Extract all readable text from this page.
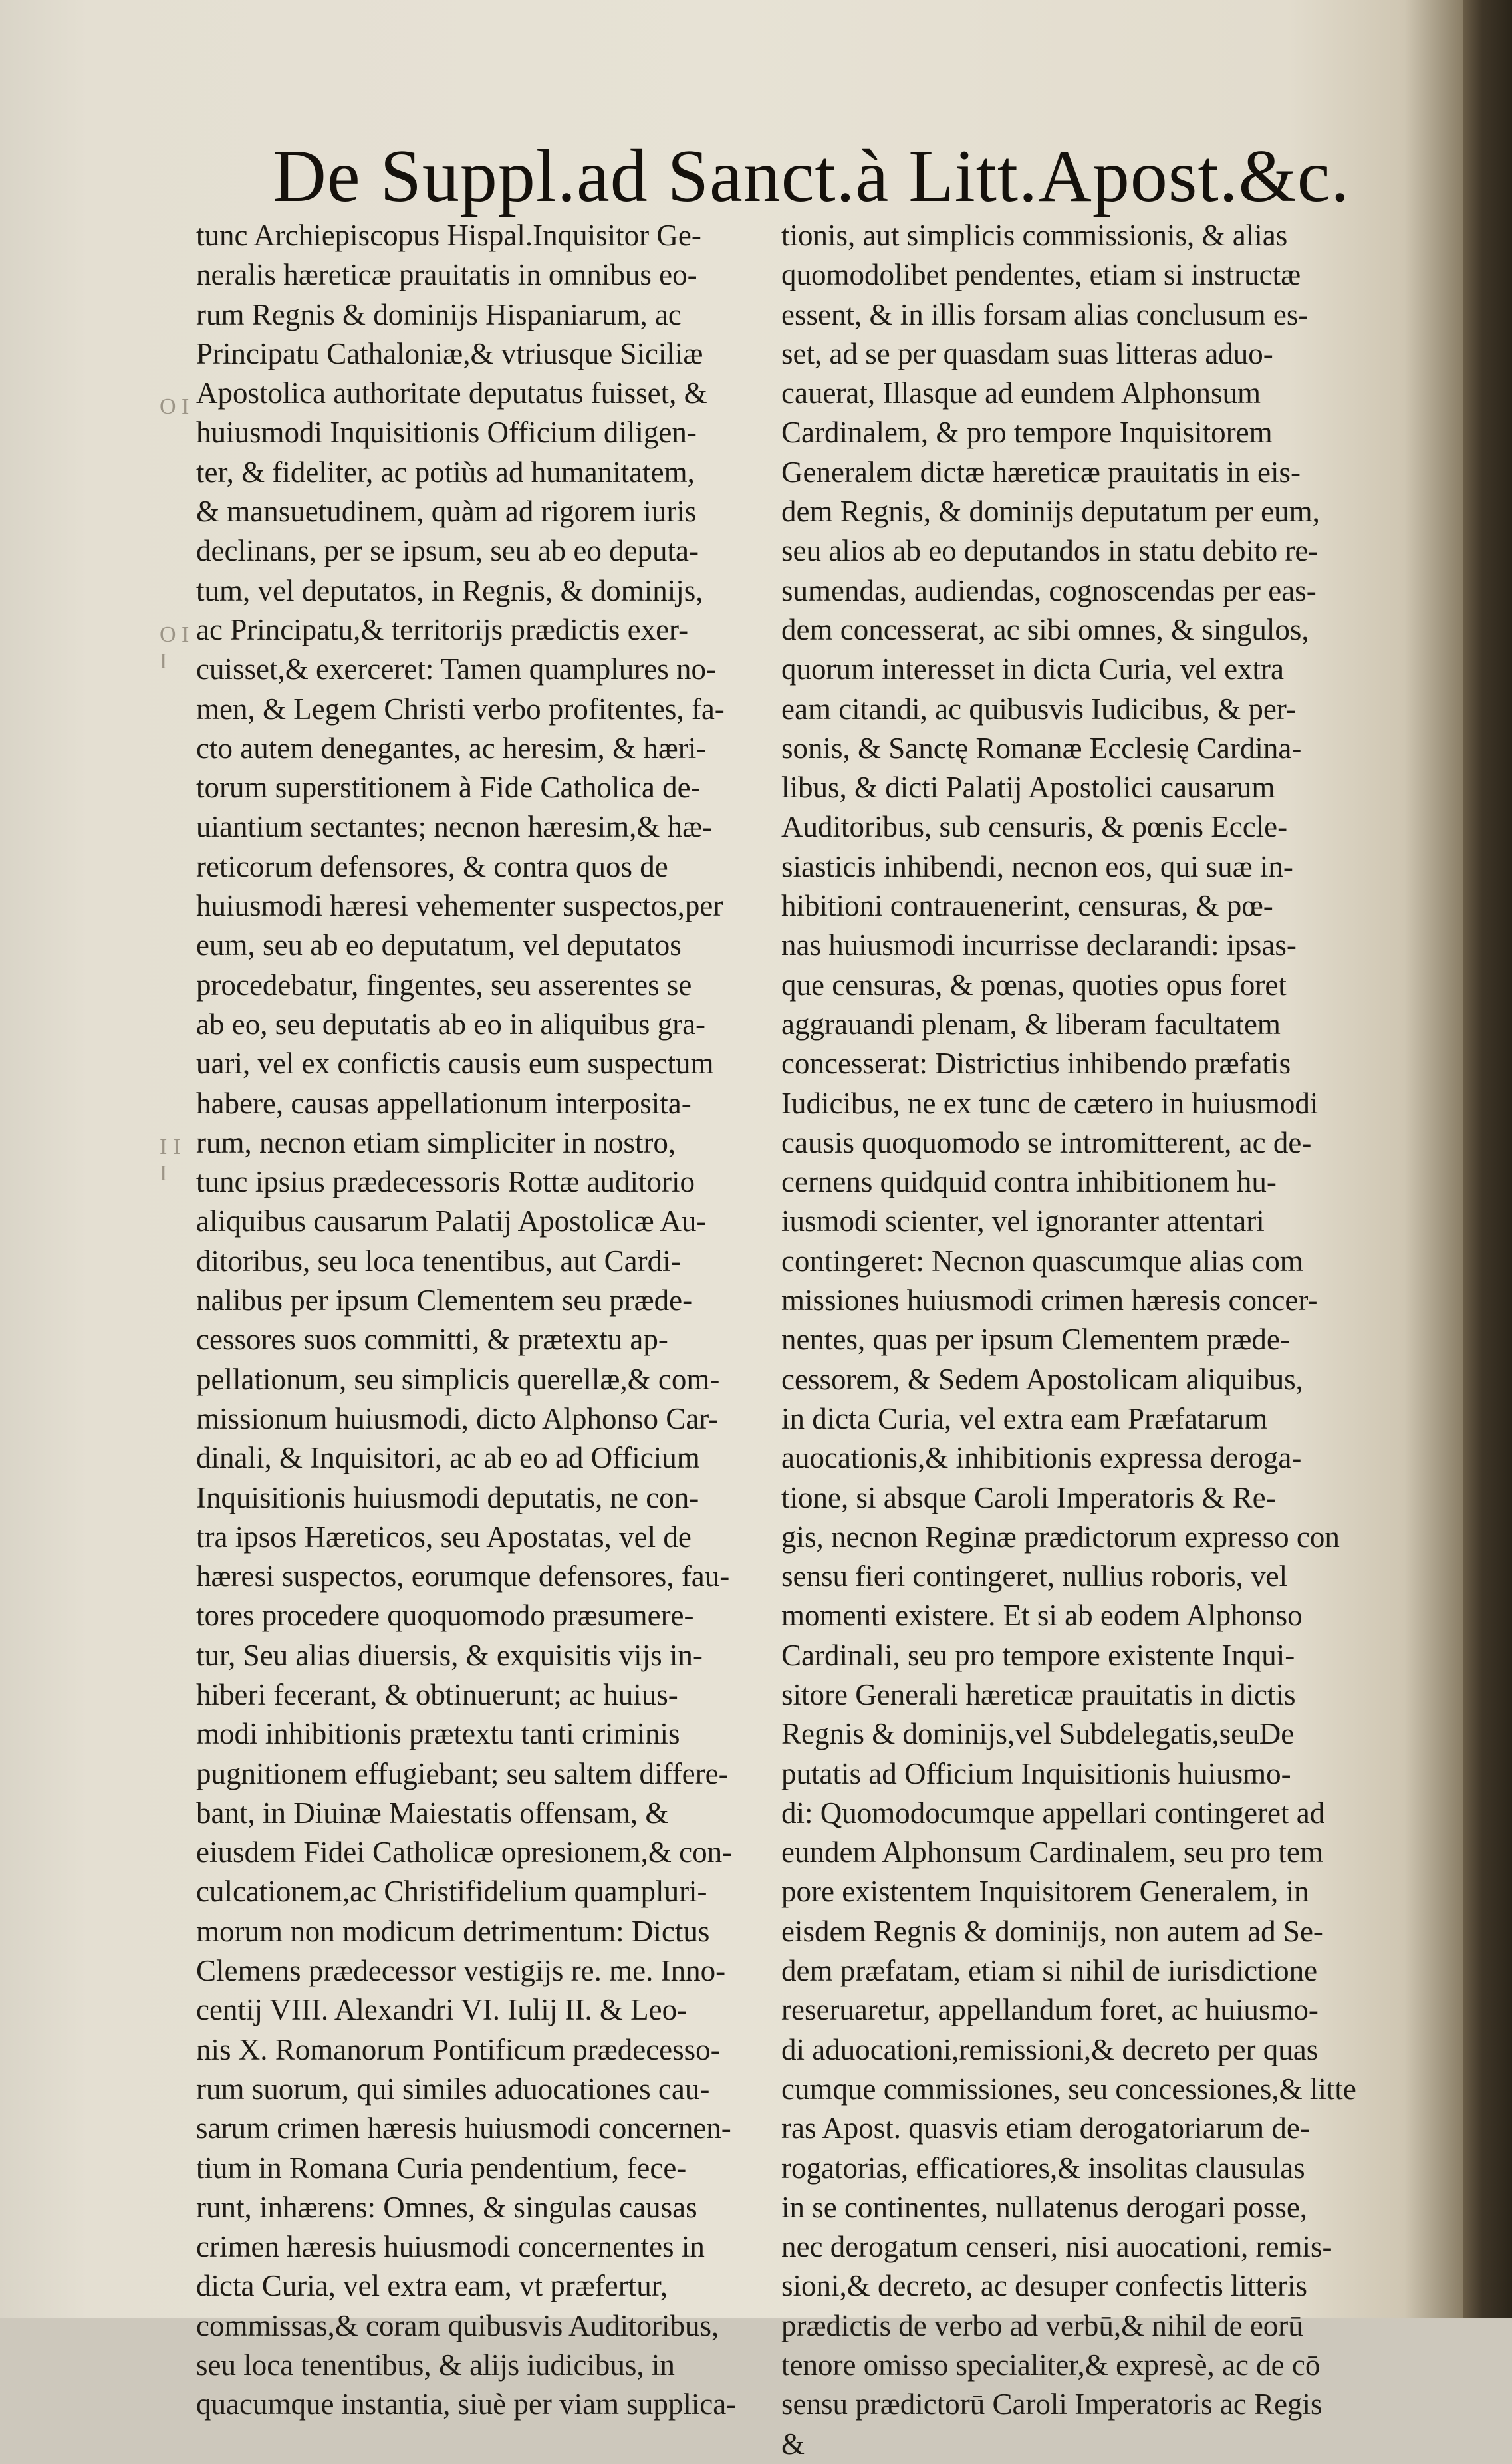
De Suppl.ad Sanct.à Litt.Apost.&c.
O I
O I I
I I I
tunc Archiepiscopus Hispal.Inquisitor Ge-
neralis hæreticæ prauitatis in omnibus eo-
rum Regnis & dominijs Hispaniarum, ac
Principatu Cathaloniæ,& vtriusque Siciliæ
Apostolica authoritate deputatus fuisset, &
huiusmodi Inquisitionis Officium diligen-
ter, & fideliter, ac potiùs ad humanitatem,
& mansuetudinem, quàm ad rigorem iuris
declinans, per se ipsum, seu ab eo deputa-
tum, vel deputatos, in Regnis, & dominijs,
ac Principatu,& territorijs prædictis exer-
cuisset,& exerceret: Tamen quamplures no-
men, & Legem Christi verbo profitentes, fa-
cto autem denegantes, ac heresim, & hæri-
torum superstitionem à Fide Catholica de-
uiantium sectantes; necnon hæresim,& hæ-
reticorum defensores, & contra quos de
huiusmodi hæresi vehementer suspectos,per
eum, seu ab eo deputatum, vel deputatos
procedebatur, fingentes, seu asserentes se
ab eo, seu deputatis ab eo in aliquibus gra-
uari, vel ex confictis causis eum suspectum
habere, causas appellationum interposita-
rum, necnon etiam simpliciter in nostro,
tunc ipsius prædecessoris Rottæ auditorio
aliquibus causarum Palatij Apostolicæ Au-
ditoribus, seu loca tenentibus, aut Cardi-
nalibus per ipsum Clementem seu præde-
cessores suos committi, & prætextu ap-
pellationum, seu simplicis querellæ,& com-
missionum huiusmodi, dicto Alphonso Car-
dinali, & Inquisitori, ac ab eo ad Officium
Inquisitionis huiusmodi deputatis, ne con-
tra ipsos Hæreticos, seu Apostatas, vel de
hæresi suspectos, eorumque defensores, fau-
tores procedere quoquomodo præsumere-
tur, Seu alias diuersis, & exquisitis vijs in-
hiberi fecerant, & obtinuerunt; ac huius-
modi inhibitionis prætextu tanti criminis
pugnitionem effugiebant; seu saltem differe-
bant, in Diuinæ Maiestatis offensam, &
eiusdem Fidei Catholicæ opresionem,& con-
culcationem,ac Christifidelium quampluri-
morum non modicum detrimentum: Dictus
Clemens prædecessor vestigijs re. me. Inno-
centij VIII. Alexandri VI. Iulij II. & Leo-
nis X. Romanorum Pontificum prædecesso-
rum suorum, qui similes aduocationes cau-
sarum crimen hæresis huiusmodi concernen-
tium in Romana Curia pendentium, fece-
runt, inhærens: Omnes, & singulas causas
crimen hæresis huiusmodi concernentes in
dicta Curia, vel extra eam, vt præfertur,
commissas,& coram quibusvis Auditoribus,
seu loca tenentibus, & alijs iudicibus, in
quacumque instantia, siuè per viam supplica-
tionis, aut simplicis commissionis, & alias
quomodolibet pendentes, etiam si instructæ
essent, & in illis forsam alias conclusum es-
set, ad se per quasdam suas litteras aduo-
cauerat, Illasque ad eundem Alphonsum
Cardinalem, & pro tempore Inquisitorem
Generalem dictæ hæreticæ prauitatis in eis-
dem Regnis, & dominijs deputatum per eum,
seu alios ab eo deputandos in statu debito re-
sumendas, audiendas, cognoscendas per eas-
dem concesserat, ac sibi omnes, & singulos,
quorum interesset in dicta Curia, vel extra
eam citandi, ac quibusvis Iudicibus, & per-
sonis, & Sanctę Romanæ Ecclesię Cardina-
libus, & dicti Palatij Apostolici causarum
Auditoribus, sub censuris, & pœnis Eccle-
siasticis inhibendi, necnon eos, qui suæ in-
hibitioni contrauenerint, censuras, & pœ-
nas huiusmodi incurrisse declarandi: ipsas-
que censuras, & pœnas, quoties opus foret
aggrauandi plenam, & liberam facultatem
concesserat: Districtius inhibendo præfatis
Iudicibus, ne ex tunc de cætero in huiusmodi
causis quoquomodo se intromitterent, ac de-
cernens quidquid contra inhibitionem hu-
iusmodi scienter, vel ignoranter attentari
contingeret: Necnon quascumque alias com
missiones huiusmodi crimen hæresis concer-
nentes, quas per ipsum Clementem præde-
cessorem, & Sedem Apostolicam aliquibus,
in dicta Curia, vel extra eam Præfatarum
auocationis,& inhibitionis expressa deroga-
tione, si absque Caroli Imperatoris & Re-
gis, necnon Reginæ prædictorum expresso con
sensu fieri contingeret, nullius roboris, vel
momenti existere. Et si ab eodem Alphonso
Cardinali, seu pro tempore existente Inqui-
sitore Generali hæreticæ prauitatis in dictis
Regnis & dominijs,vel Subdelegatis,seuDe
putatis ad Officium Inquisitionis huiusmo-
di: Quomodocumque appellari contingeret ad
eundem Alphonsum Cardinalem, seu pro tem
pore existentem Inquisitorem Generalem, in
eisdem Regnis & dominijs, non autem ad Se-
dem præfatam, etiam si nihil de iurisdictione
reseruaretur, appellandum foret, ac huiusmo-
di aduocationi,remissioni,& decreto per quas
cumque commissiones, seu concessiones,& litte
ras Apost. quasvis etiam derogatoriarum de-
rogatorias, efficatiores,& insolitas clausulas
in se continentes, nullatenus derogari posse,
nec derogatum censeri, nisi auocationi, remis-
sioni,& decreto, ac desuper confectis litteris
prædictis de verbo ad verbū,& nihil de eorū
tenore omisso specialiter,& expresè, ac de cō
sensu prædictorū Caroli Imperatoris ac Regis
&
